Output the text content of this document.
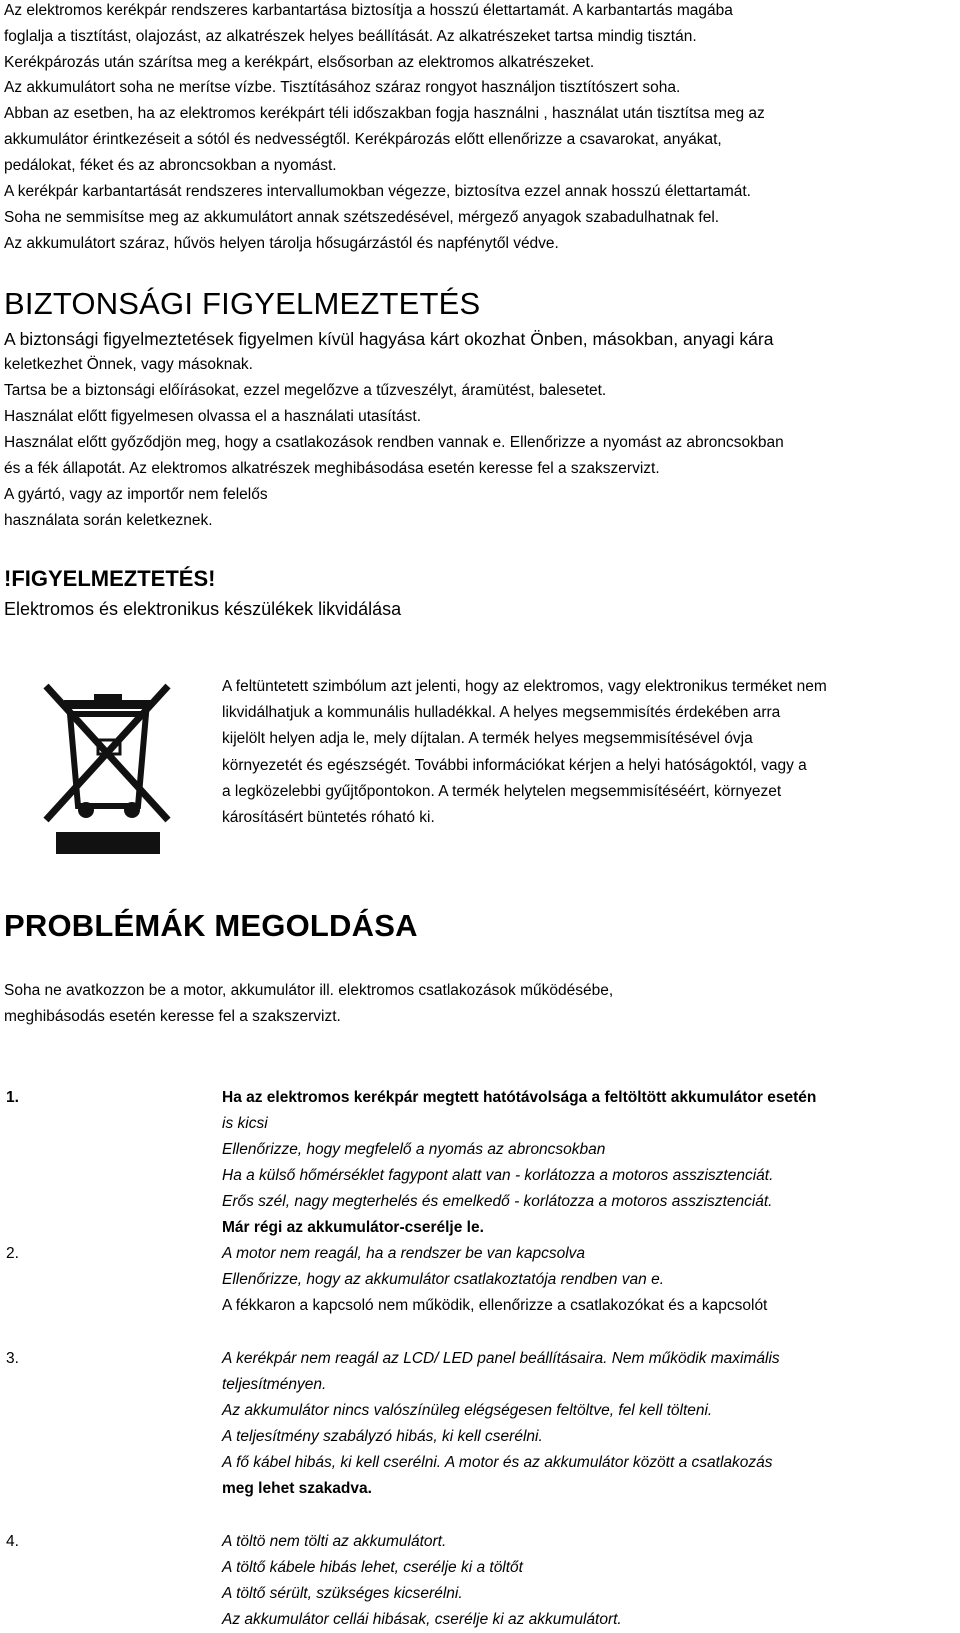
Az elektromos kerékpár rendszeres karbantartása biztosítja a hosszú élettartamát. A karbantartás magába

foglalja a tisztítást, olajozást, az alkatrészek helyes beállítását. Az alkatrészeket tartsa mindig tisztán.

Kerékpározás után szárítsa meg a kerékpárt, elsősorban az elektromos alkatrészeket.

Az akkumulátort soha ne merítse vízbe. Tisztításához száraz rongyot használjon tisztítószert soha.

Abban az esetben, ha az elektromos kerékpárt téli időszakban fogja használni , használat után tisztítsa meg az

akkumulátor érintkezéseit a sótól és nedvességtől. Kerékpározás előtt ellenőrizze a csavarokat, anyákat,

pedálokat, féket és az abroncsokban a nyomást.

A kerékpár karbantartását rendszeres intervallumokban végezze, biztosítva ezzel annak hosszú élettartamát.

Soha ne semmisítse meg az akkumulátort annak szétszedésével, mérgező anyagok szabadulhatnak fel.

Az akkumulátort száraz, hűvös helyen tárolja hősugárzástól és napfénytől védve.

BIZTONSÁGI FIGYELMEZTETÉS

A biztonsági figyelmeztetések figyelmen kívül hagyása kárt okozhat Önben, másokban, anyagi kára

keletkezhet Önnek, vagy másoknak.

Tartsa be a biztonsági előírásokat, ezzel megelőzve a tűzveszélyt, áramütést, balesetet.

Használat előtt figyelmesen olvassa el a használati utasítást.

Használat előtt győződjön meg, hogy a csatlakozások rendben vannak e. Ellenőrizze a nyomást az abroncsokban

és a fék állapotát. Az elektromos alkatrészek meghibásodása esetén keresse fel a szakszervizt.

A gyártó, vagy az importőr nem felelős

használata során keletkeznek.

!FIGYELMEZTETÉS!

Elektromos és elektronikus készülékek likvidálása

A feltüntetett szimbólum azt jelenti, hogy az elektromos, vagy elektronikus terméket nem
likvidálhatjuk a kommunális hulladékkal. A helyes megsemmisítés érdekében arra
kijelölt helyen adja le, mely díjtalan. A termék helyes megsemmisítésével óvja
környezetét és egészségét. További információkat kérjen a helyi hatóságoktól, vagy a
a legközelebbi gyűjtőpontokon. A termék helytelen megsemmisítéséért, környezet
károsításért büntetés róható ki.
PROBLÉMÁK MEGOLDÁSA

Soha ne avatkozzon be a motor, akkumulátor ill. elektromos csatlakozások működésébe,

meghibásodás esetén keresse fel a szakszervizt.

1.	Ha az elektromos kerékpár megtett hatótávolsága a feltöltött akkumulátor esetén
is kicsi
Ellenőrizze, hogy megfelelő a nyomás az abroncsokban
Ha a külső hőmérséklet fagypont alatt van - korlátozza a motoros asszisztenciát.
Erős szél, nagy megterhelés és emelkedő - korlátozza a motoros asszisztenciát.
Már régi az akkumulátor-cserélje le.
2.	A motor nem reagál, ha a rendszer be van kapcsolva
Ellenőrizze, hogy az akkumulátor csatlakoztatója rendben van e.
A fékkaron a kapcsoló nem működik, ellenőrizze a csatlakozókat és a kapcsolót
3.	A kerékpár nem reagál az LCD/ LED panel beállításaira. Nem működik maximális
teljesítményen.
Az akkumulátor nincs valószínüleg elégségesen feltöltve, fel kell tölteni.
A teljesítmény szabályzó hibás, ki kell cserélni.
A fő kábel hibás, ki kell cserélni. A motor és az akkumulátor között a csatlakozás
meg lehet szakadva.
4.	A töltö nem tölti az akkumulátort.
A töltő kábele hibás lehet, cserélje ki a töltőt
A töltő sérült, szükséges kicserélni.
Az akkumulátor cellái hibásak, cserélje ki az akkumulátort.
